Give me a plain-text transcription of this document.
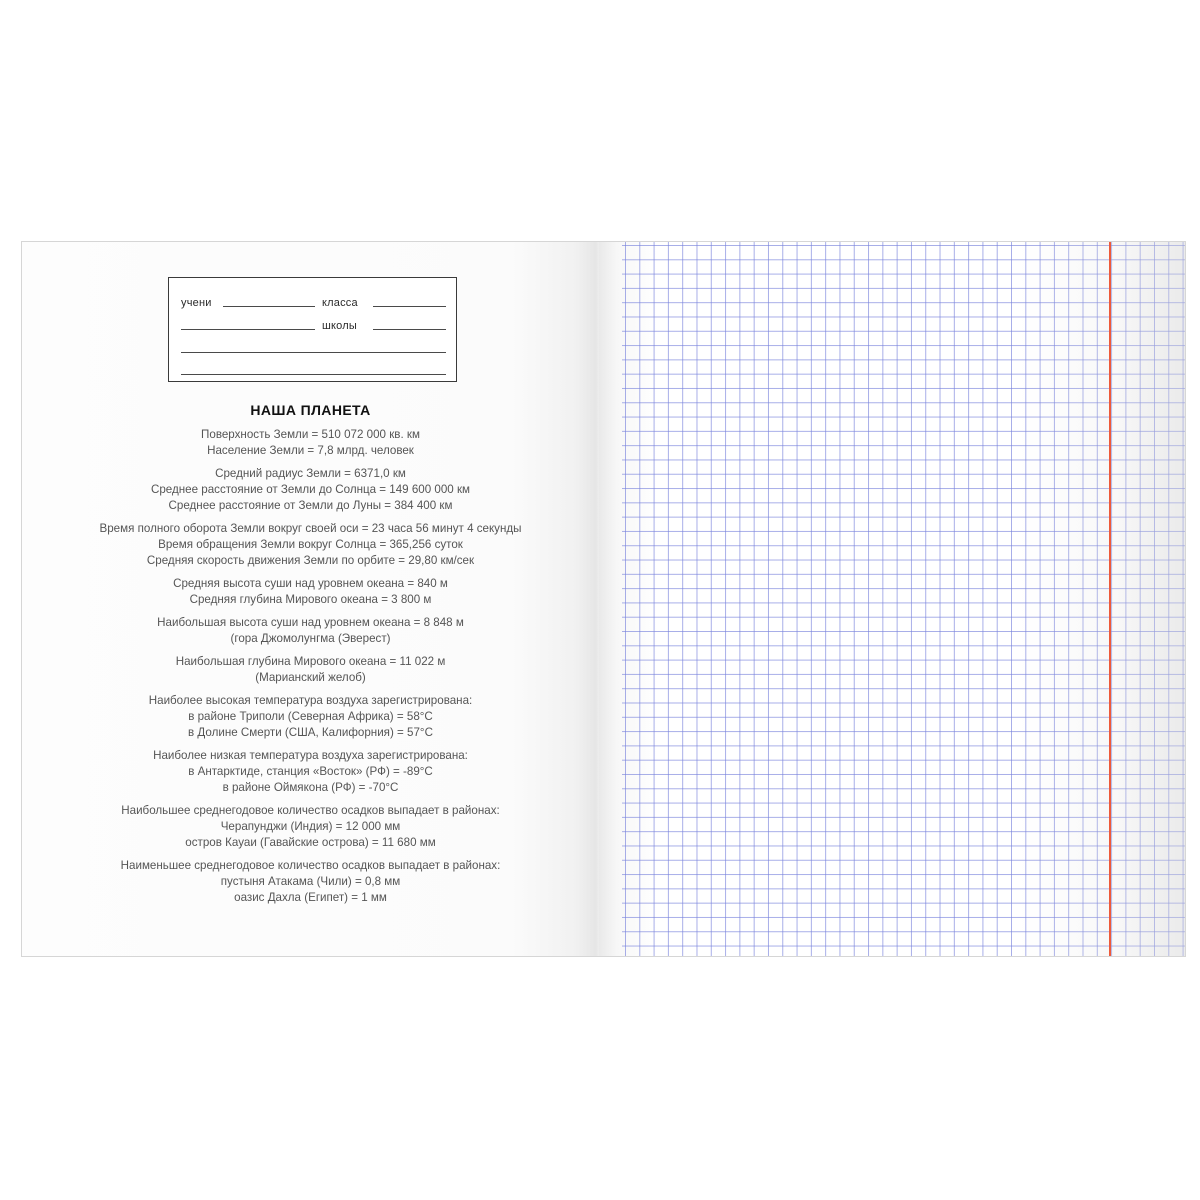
учени	класса
школы
НАША ПЛАНЕТА
Поверхность Земли = 510 072 000 кв. км
Население Земли = 7,8 млрд. человек
Средний радиус Земли = 6371,0 км
Среднее расстояние от Земли до Солнца = 149 600 000 км
Среднее расстояние от Земли до Луны = 384 400 км
Время полного оборота Земли вокруг своей оси = 23 часа 56 минут 4 секунды
Время обращения Земли вокруг Солнца = 365,256 суток
Средняя скорость движения Земли по орбите = 29,80 км/сек
Средняя высота суши над уровнем океана = 840 м
Средняя глубина Мирового океана = 3 800 м
Наибольшая высота суши над уровнем океана = 8 848 м
(гора Джомолунгма (Эверест)
Наибольшая глубина Мирового океана = 11 022 м
(Марианский желоб)
Наиболее высокая температура воздуха зарегистрирована:
в районе Триполи (Северная Африка) = 58°С
в Долине Смерти (США, Калифорния) = 57°С
Наиболее низкая температура воздуха зарегистрирована:
в Антарктиде, станция «Восток» (РФ) = -89°С
в районе Оймякона (РФ) = -70°С
Наибольшее среднегодовое количество осадков выпадает в районах:
Черапунджи (Индия) = 12 000 мм
остров Кауаи (Гавайские острова) = 11 680 мм
Наименьшее среднегодовое количество осадков выпадает в районах:
пустыня Атакама (Чили) = 0,8 мм
оазис Дахла (Египет) = 1 мм
